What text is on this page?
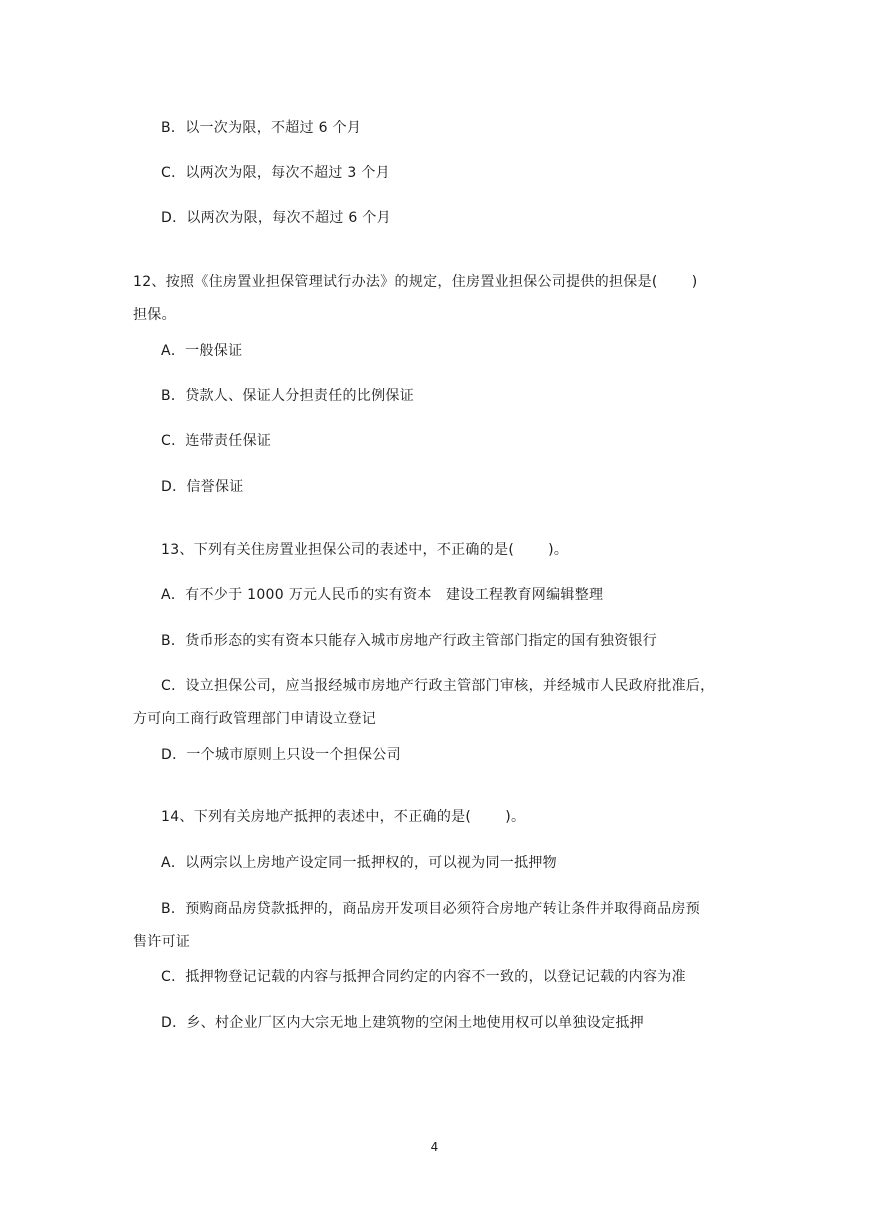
B．以一次为限，不超过 6 个月
C．以两次为限，每次不超过 3 个月
D．以两次为限，每次不超过 6 个月
12、按照《住房置业担保管理试行办法》的规定，住房置业担保公司提供的担保是( )
担保。
A．一般保证
B．贷款人、保证人分担责任的比例保证
C．连带责任保证
D．信誉保证
13、下列有关住房置业担保公司的表述中，不正确的是( )。
A．有不少于 1000 万元人民币的实有资本　建设工程教育网编辑整理
B．货币形态的实有资本只能存入城市房地产行政主管部门指定的国有独资银行
C．设立担保公司，应当报经城市房地产行政主管部门审核，并经城市人民政府批准后，
方可向工商行政管理部门申请设立登记
D．一个城市原则上只设一个担保公司
14、下列有关房地产抵押的表述中，不正确的是( )。
A．以两宗以上房地产设定同一抵押权的，可以视为同一抵押物
B．预购商品房贷款抵押的，商品房开发项目必须符合房地产转让条件并取得商品房预
售许可证
C．抵押物登记记载的内容与抵押合同约定的内容不一致的，以登记记载的内容为准
D．乡、村企业厂区内大宗无地上建筑物的空闲土地使用权可以单独设定抵押
4
